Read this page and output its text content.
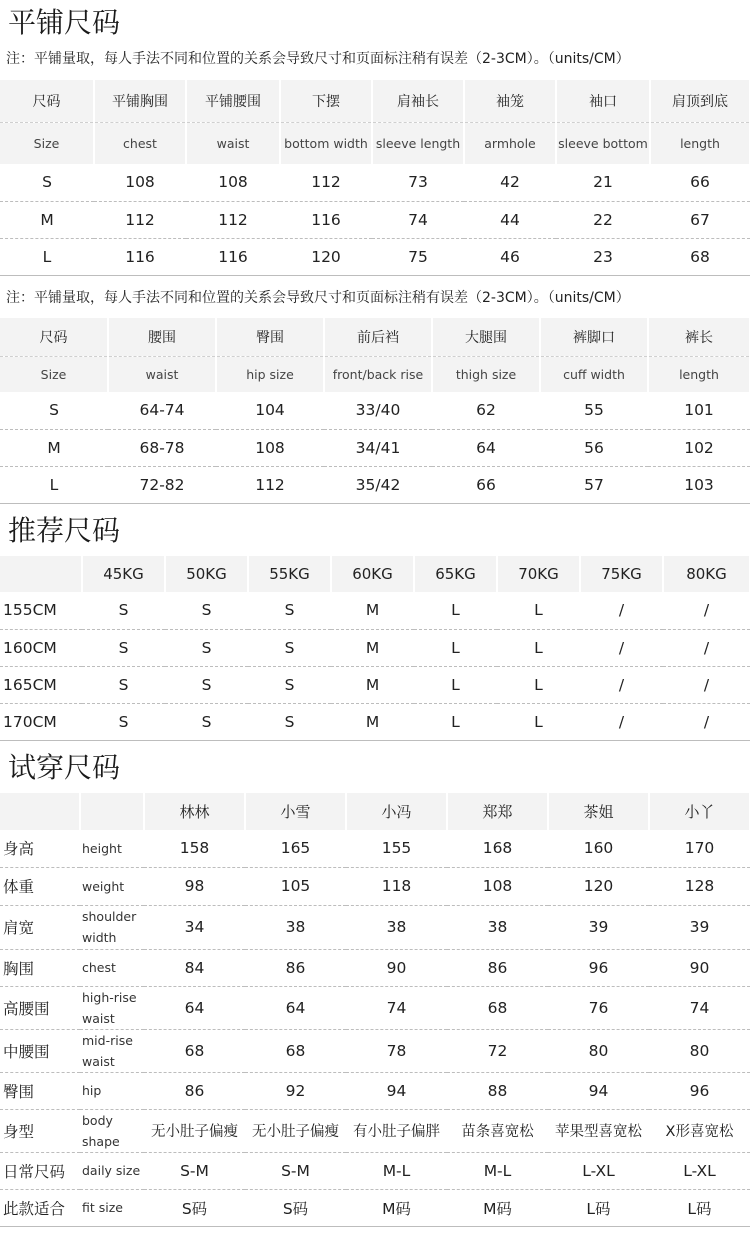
平铺尺码
注：平铺量取，每人手法不同和位置的关系会导致尺寸和页面标注稍有误差（2-3CM）。（units/CM）
尺码	平铺胸围	平铺腰围	下摆	肩袖长	袖笼	袖口	肩顶到底
Size	chest	waist	bottom width	sleeve length	armhole	sleeve bottom	length
S	108	108	112	73	42	21	66
M	112	112	116	74	44	22	67
L	116	116	120	75	46	23	68
注：平铺量取，每人手法不同和位置的关系会导致尺寸和页面标注稍有误差（2-3CM）。（units/CM）
尺码	腰围	臀围	前后裆	大腿围	裤脚口	裤长
Size	waist	hip size	front/back rise	thigh size	cuff width	length
S	64-74	104	33/40	62	55	101
M	68-78	108	34/41	64	56	102
L	72-82	112	35/42	66	57	103
推荐尺码
	45KG	50KG	55KG	60KG	65KG	70KG	75KG	80KG
155CM	S	S	S	M	L	L	/	/
160CM	S	S	S	M	L	L	/	/
165CM	S	S	S	M	L	L	/	/
170CM	S	S	S	M	L	L	/	/
试穿尺码
		林林	小雪	小冯	郑郑	茶姐	小丫
身高	height	158	165	155	168	160	170
体重	weight	98	105	118	108	120	128
肩宽	shoulder width	34	38	38	38	39	39
胸围	chest	84	86	90	86	96	90
高腰围	high-rise waist	64	64	74	68	76	74
中腰围	mid-rise waist	68	68	78	72	80	80
臀围	hip	86	92	94	88	94	96
身型	body shape	无小肚子偏瘦	无小肚子偏瘦	有小肚子偏胖	苗条喜宽松	苹果型喜宽松	X形喜宽松
日常尺码	daily size	S-M	S-M	M-L	M-L	L-XL	L-XL
此款适合	fit size	S码	S码	M码	M码	L码	L码
